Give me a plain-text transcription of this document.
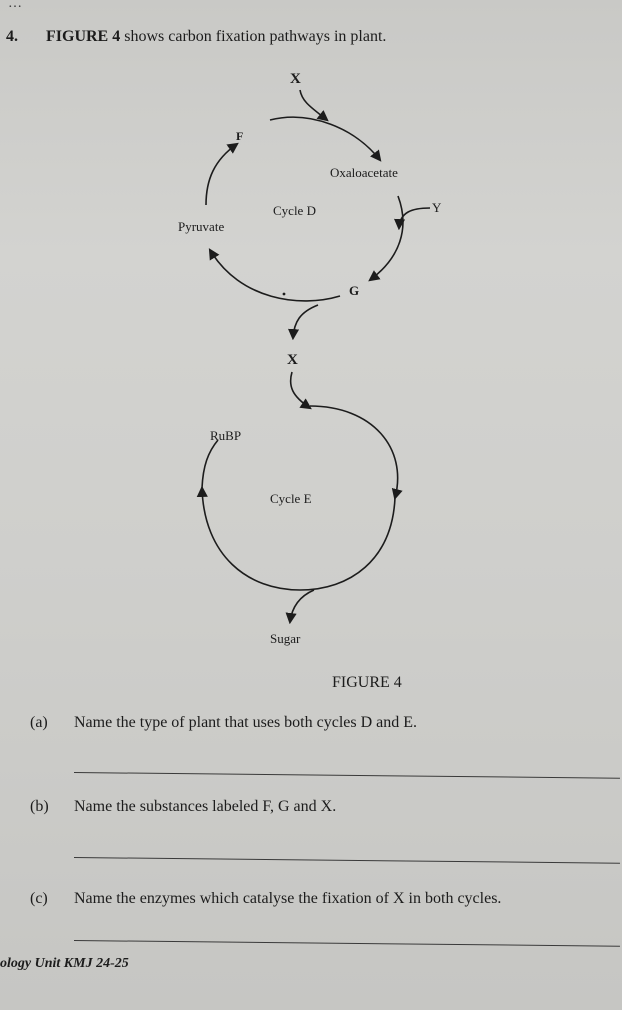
…
4. FIGURE 4 shows carbon fixation pathways in plant.
X
F
Oxaloacetate
Cycle D	Y
Pyruvate
G
X
RuBP
Cycle E
Sugar
FIGURE 4
(a) Name the type of plant that uses both cycles D and E.
(b) Name the substances labeled F, G and X.
(c) Name the enzymes which catalyse the fixation of X in both cycles.
ology Unit KMJ 24-25
